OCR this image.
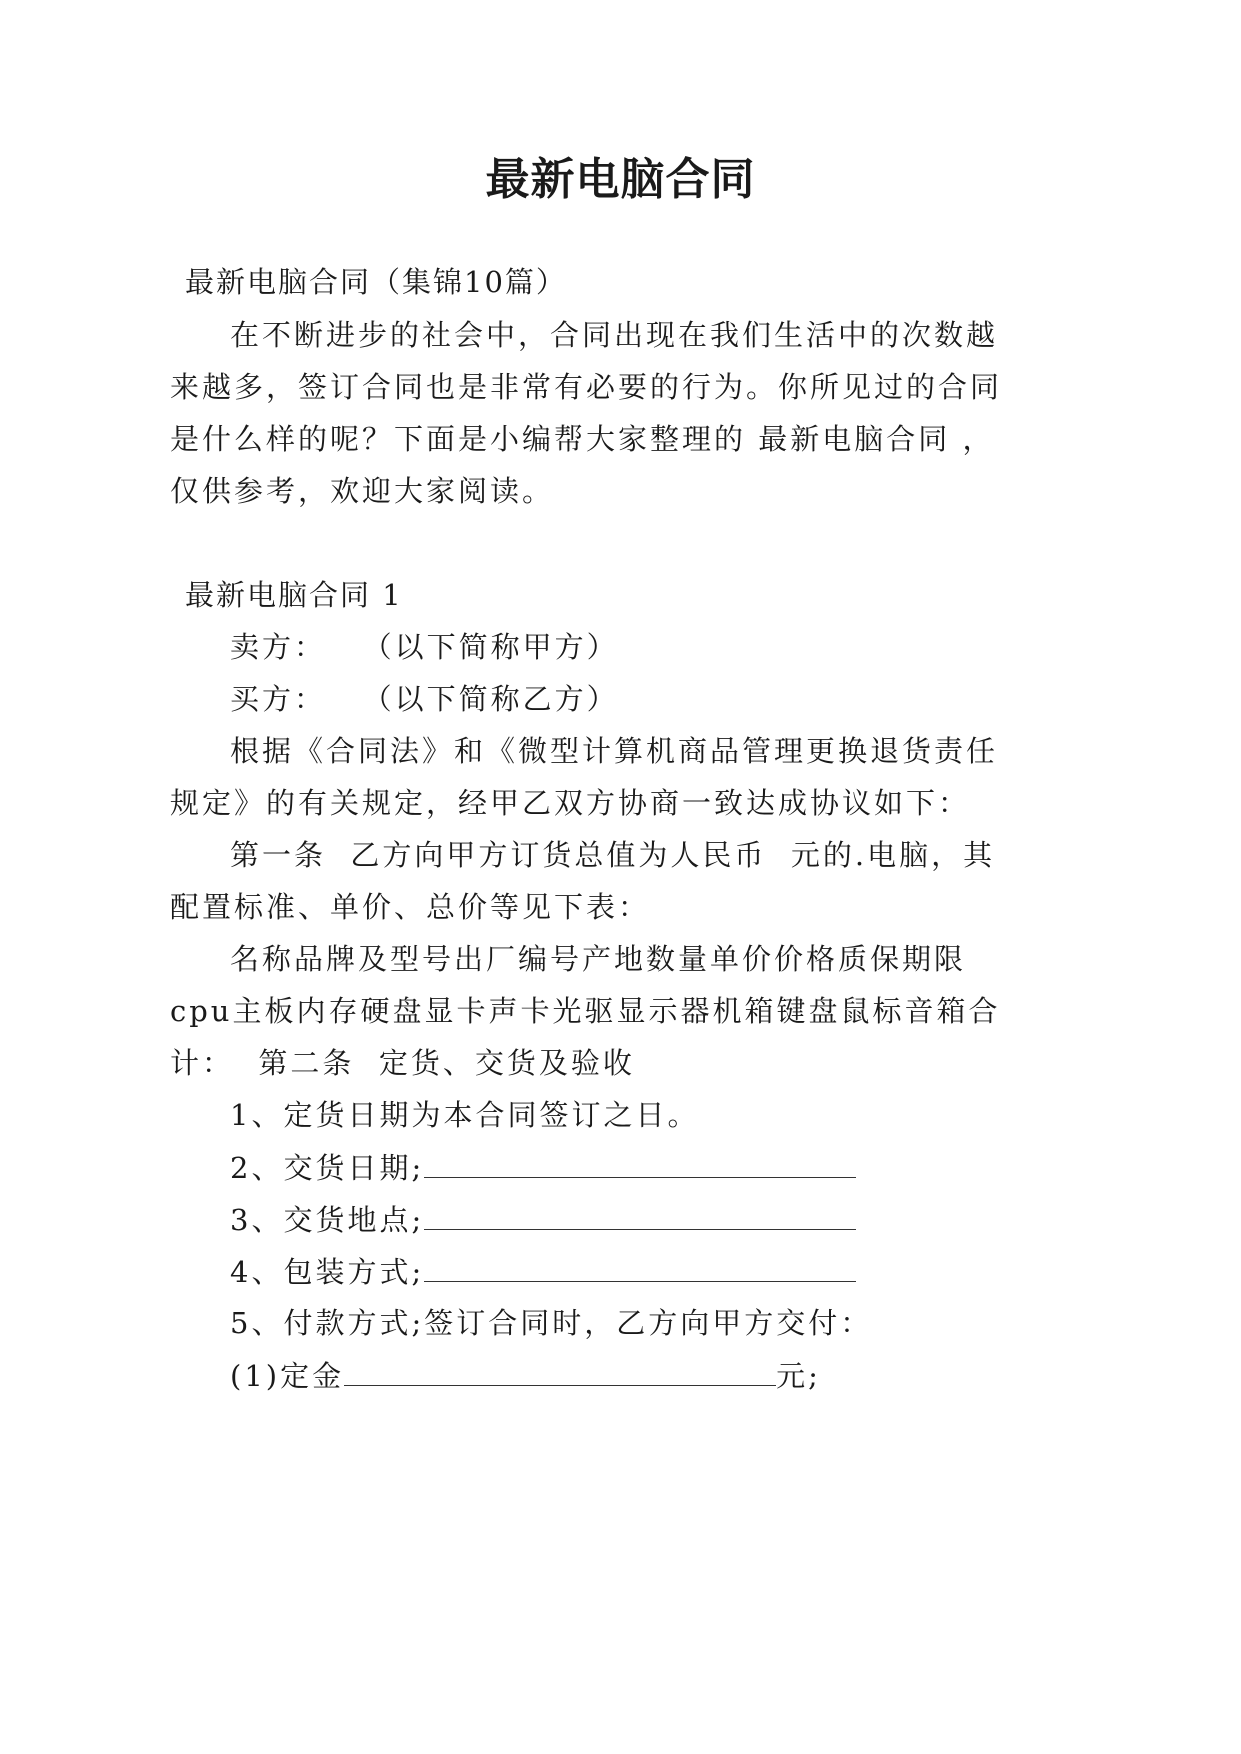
最新电脑合同
最新电脑合同（集锦10篇）
在不断进步的社会中，合同出现在我们生活中的次数越
来越多，签订合同也是非常有必要的行为。你所见过的合同
是什么样的呢？下面是小编帮大家整理的 最新电脑合同 ，
仅供参考，欢迎大家阅读。
最新电脑合同 1
卖方：   （以下简称甲方）
买方：   （以下简称乙方）
根据《合同法》和《微型计算机商品管理更换退货责任
规定》的有关规定，经甲乙双方协商一致达成协议如下：
第一条  乙方向甲方订货总值为人民币  元的.电脑，其
配置标准、单价、总价等见下表：
名称品牌及型号出厂编号产地数量单价价格质保期限
cpu主板内存硬盘显卡声卡光驱显示器机箱键盘鼠标音箱合
计：  第二条  定货、交货及验收
1、定货日期为本合同签订之日。
2、交货日期;
3、交货地点;
4、包装方式;
5、付款方式;签订合同时，乙方向甲方交付：
(1)定金	元;
